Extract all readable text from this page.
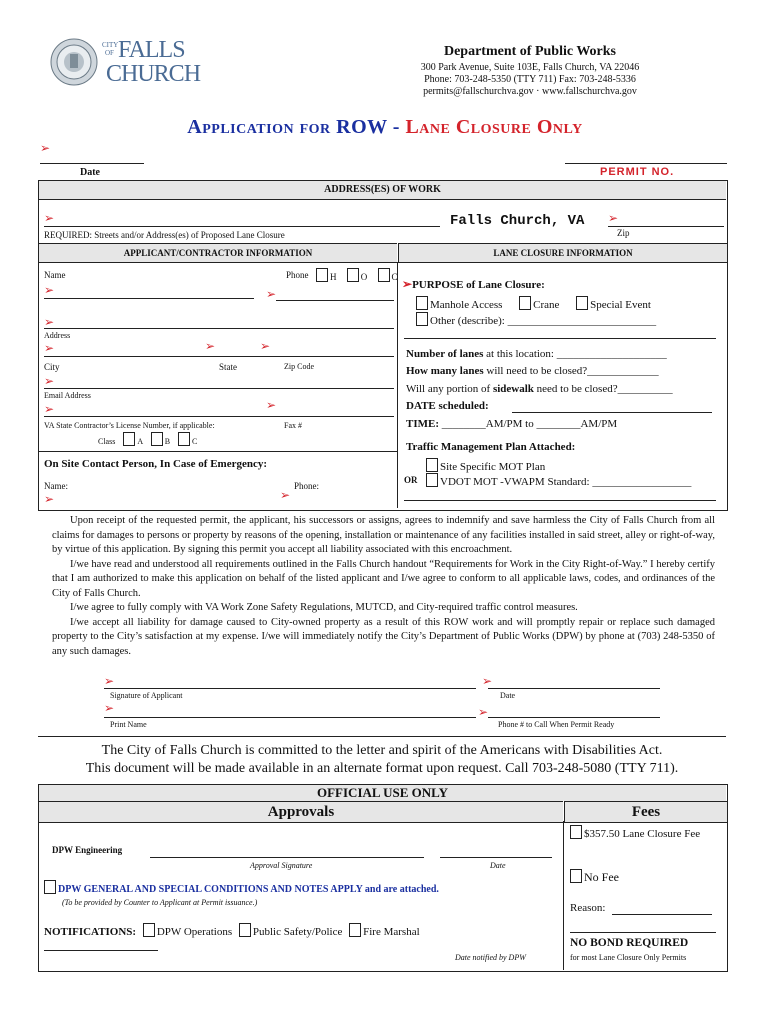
CITY
OF FALLS
CHURCH
Department of Public Works
300 Park Avenue, Suite 103E, Falls Church, VA 22046
Phone: 703-248-5350 (TTY 711) Fax: 703-248-5336
permits@fallschurchva.gov · www.fallschurchva.gov
Application for ROW - Lane Closure Only
➢
Date	PERMIT NO.
ADDRESS(ES) OF WORK
➢	Falls Church, VA ➢
REQUIRED: Streets and/or Address(es) of Proposed Lane Closure	Zip
APPLICANT/CONTRACTOR INFORMATION	LANE CLOSURE INFORMATION
Name	Phone	H	O	C
➢	➢
➢
Address
➢	➢	➢
City	State	Zip Code
➢
Email Address
➢	➢
VA State Contractor’s License Number, if applicable:	Fax #
Class	A	B	C
On Site Contact Person, In Case of Emergency:
Name:	Phone:
➢	➢
➢PURPOSE of Lane Closure:
Manhole Access	Crane	Special Event
Other (describe): ___________________________
Number of lanes at this location: ____________________
How many lanes will need to be closed?_____________
Will any portion of sidewalk need to be closed?__________
DATE scheduled:
TIME: ________AM/PM to ________AM/PM
Traffic Management Plan Attached:
Site Specific MOT Plan
OR	VDOT MOT -VWAPM Standard: __________________
Upon receipt of the requested permit, the applicant, his successors or assigns, agrees to indemnify and save harmless the City of Falls Church from all claims for damages to persons or property by reasons of the opening, installation or maintenance of any facilities installed in said street, alley or right-of-way, by virtue of this application. By signing this permit you accept all liability associated with this encroachment.
I/we have read and understood all requirements outlined in the Falls Church handout “Requirements for Work in the City Right-of-Way.” I hereby certify that I am authorized to make this application on behalf of the listed applicant and I/we agree to conform to all applicable laws, codes, and ordinances of the City of Falls Church.
I/we agree to fully comply with VA Work Zone Safety Regulations, MUTCD, and City-required traffic control measures.
I/we accept all liability for damage caused to City-owned property as a result of this ROW work and will promptly repair or replace such damaged property to the City’s satisfaction at my expense. I/we will immediately notify the City’s Department of Public Works (DPW) by phone at (703) 248-5350 of any such damages.
➢	➢
Signature of Applicant	Date
➢	➢
Print Name	Phone # to Call When Permit Ready
The City of Falls Church is committed to the letter and spirit of the Americans with Disabilities Act.
This document will be made available in an alternate format upon request. Call 703-248-5080 (TTY 711).
OFFICIAL USE ONLY
Approvals	Fees
DPW Engineering
Approval Signature	Date
DPW GENERAL AND SPECIAL CONDITIONS AND NOTES APPLY and are attached.
(To be provided by Counter to Applicant at Permit issuance.)
NOTIFICATIONS: DPW Operations Public Safety/Police Fire Marshal
Date notified by DPW
$357.50 Lane Closure Fee
No Fee
Reason:
NO BOND REQUIRED
for most Lane Closure Only Permits
